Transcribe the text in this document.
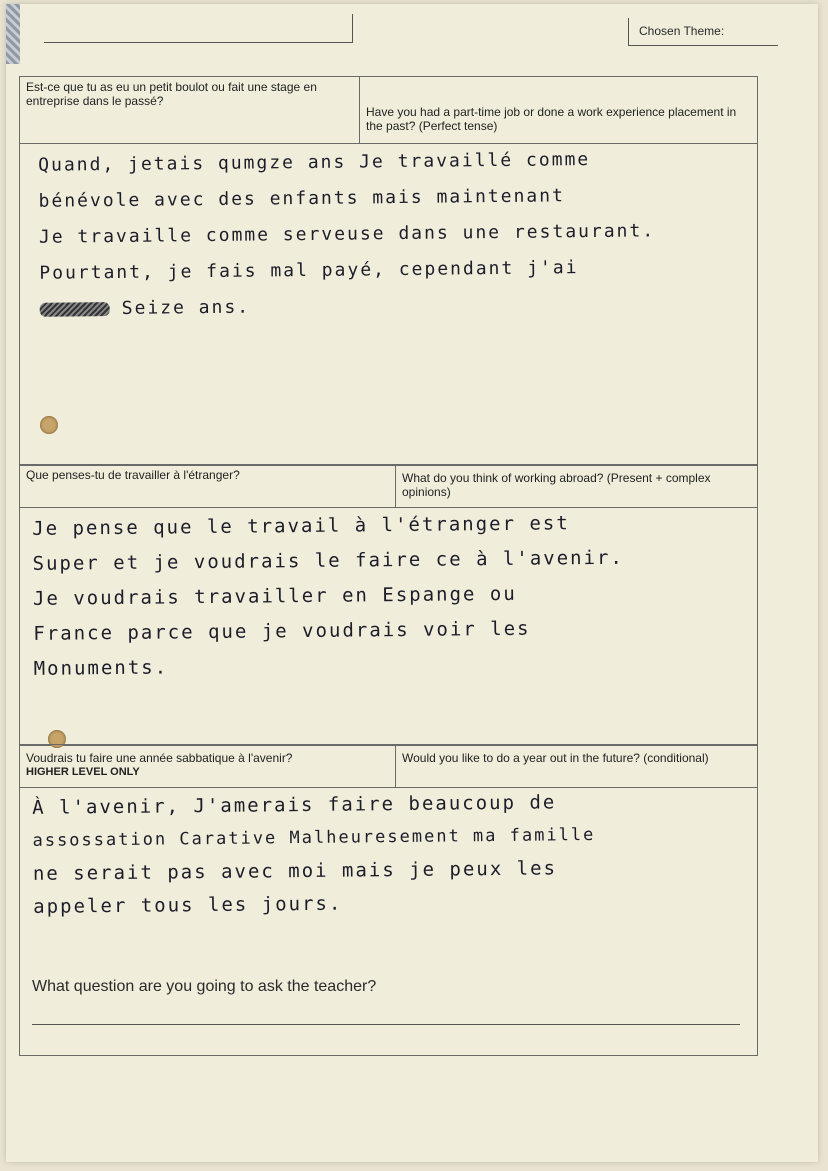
Chosen Theme:
Est-ce que tu as eu un petit boulot ou fait une stage en entreprise dans le passé?
Have you had a part-time job or done a work experience placement in the past? (Perfect tense)
Quand, jetais qumgze ans Je travaillé comme
bénévole avec des enfants mais maintenant
Je travaille comme serveuse dans une restaurant.
Pourtant, je fais mal payé, cependant j'ai
Seize ans.
Que penses-tu de travailler à l'étranger?	What do you think of working abroad? (Present + complex opinions)
Je pense que le travail à l'étranger est
Super et je voudrais le faire ce à l'avenir.
Je voudrais travailler en Espange ou
France parce que je voudrais voir les
Monuments.
Voudrais tu faire une année sabbatique à l'avenir?
HIGHER LEVEL ONLY
Would you like to do a year out in the future? (conditional)
À l'avenir, J'amerais faire beaucoup de
assossation Carative Malheuresement ma famille
ne serait pas avec moi mais je peux les
appeler tous les jours.
What question are you going to ask the teacher?
